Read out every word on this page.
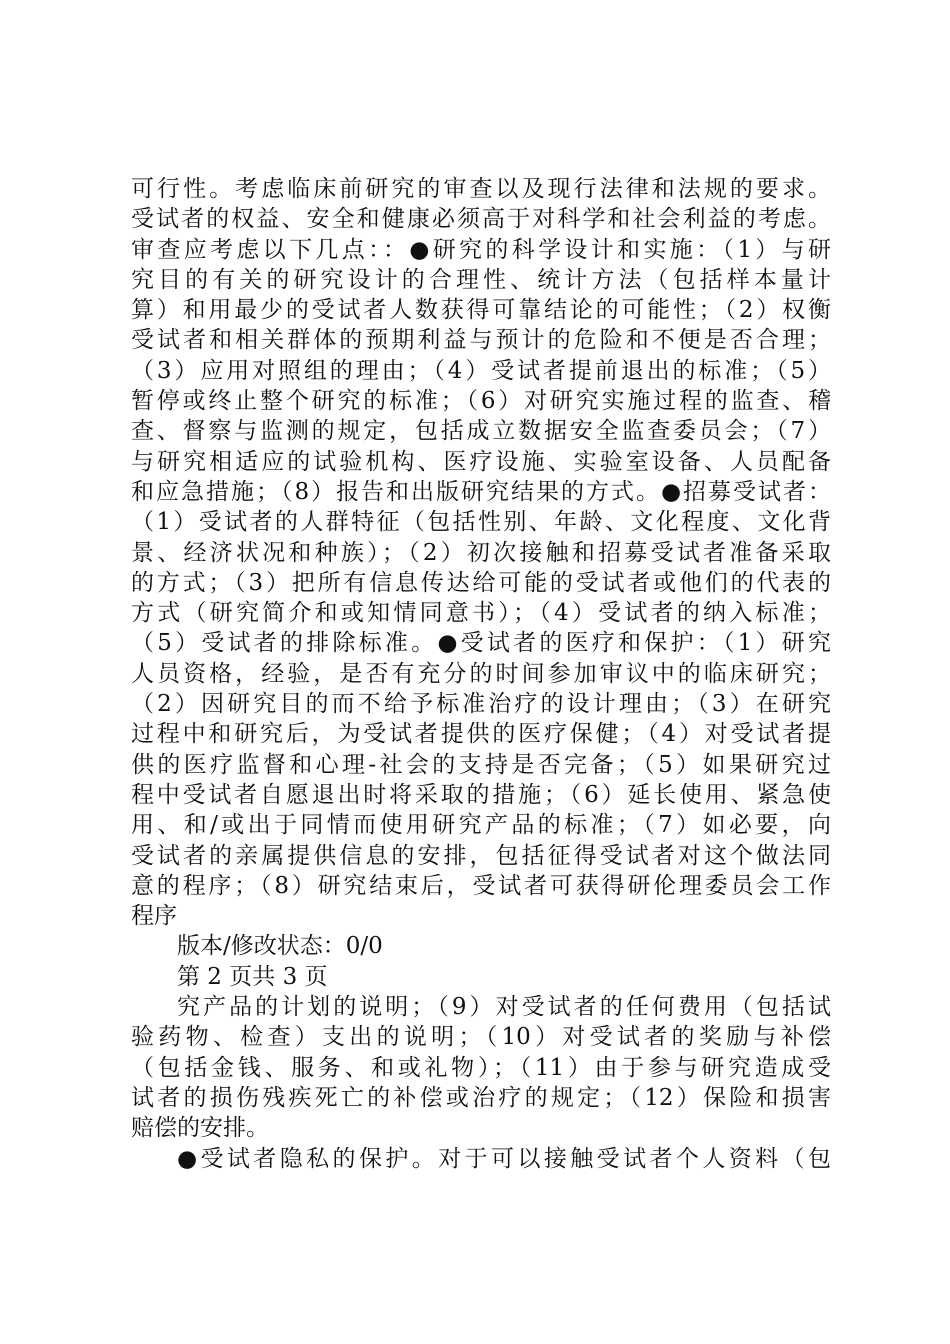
可行性。考虑临床前研究的审查以及现行法律和法规的要求。
受试者的权益、安全和健康必须高于对科学和社会利益的考虑。
审查应考虑以下几点：：●研究的科学设计和实施：（1）与研
究目的有关的研究设计的合理性、统计方法（包括样本量计
算）和用最少的受试者人数获得可靠结论的可能性；（2）权衡
受试者和相关群体的预期利益与预计的危险和不便是否合理；
（3）应用对照组的理由；（4）受试者提前退出的标准；（5）
暂停或终止整个研究的标准；（6）对研究实施过程的监查、稽
查、督察与监测的规定，包括成立数据安全监查委员会；（7）
与研究相适应的试验机构、医疗设施、实验室设备、人员配备
和应急措施；（8）报告和出版研究结果的方式。●招募受试者：
（1）受试者的人群特征（包括性别、年龄、文化程度、文化背
景、经济状况和种族）；（2）初次接触和招募受试者准备采取
的方式；（3）把所有信息传达给可能的受试者或他们的代表的
方式（研究简介和或知情同意书）；（4）受试者的纳入标准；
（5）受试者的排除标准。●受试者的医疗和保护：（1）研究
人员资格，经验，是否有充分的时间参加审议中的临床研究；
（2）因研究目的而不给予标准治疗的设计理由；（3）在研究
过程中和研究后，为受试者提供的医疗保健；（4）对受试者提
供的医疗监督和心理-社会的支持是否完备；（5）如果研究过
程中受试者自愿退出时将采取的措施；（6）延长使用、紧急使
用、和/或出于同情而使用研究产品的标准；（7）如必要，向
受试者的亲属提供信息的安排，包括征得受试者对这个做法同
意的程序；（8）研究结束后，受试者可获得研伦理委员会工作
程序
版本/修改状态：0/0
第 2 页共 3 页
究产品的计划的说明；（9）对受试者的任何费用（包括试
验药物、检查）支出的说明；（10）对受试者的奖励与补偿
（包括金钱、服务、和或礼物）；（11）由于参与研究造成受
试者的损伤残疾死亡的补偿或治疗的规定；（12）保险和损害
赔偿的安排。
●受试者隐私的保护。对于可以接触受试者个人资料（包
